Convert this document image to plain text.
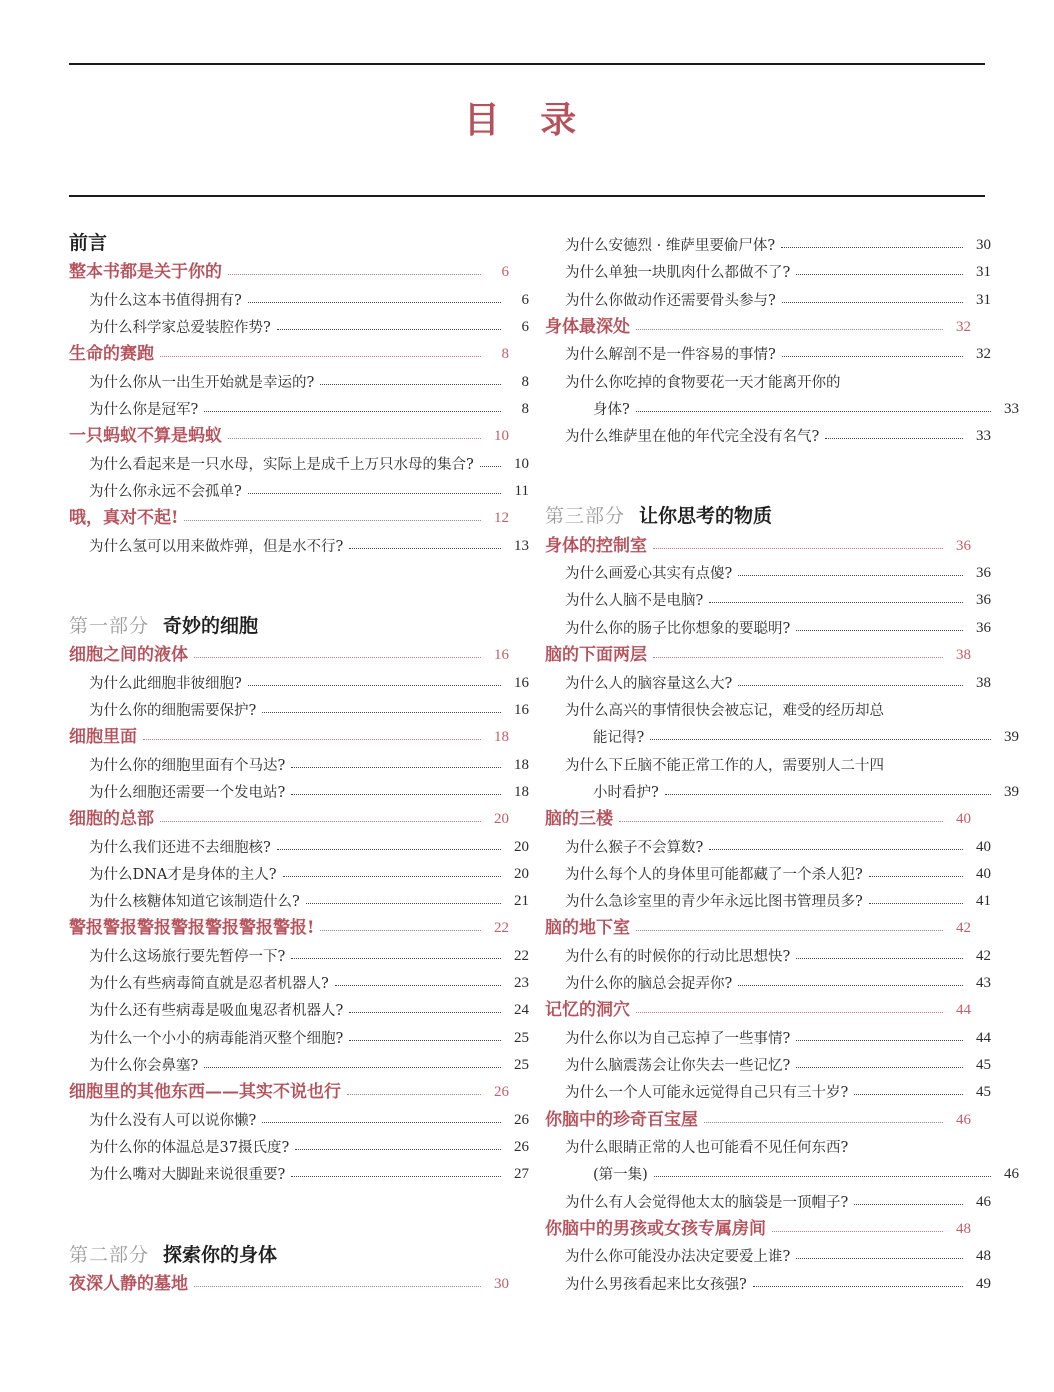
目 录
前言
整本书都是关于你的	6
为什么这本书值得拥有?	6
为什么科学家总爱装腔作势?	6
生命的赛跑	8
为什么你从一出生开始就是幸运的?	8
为什么你是冠军?	8
一只蚂蚁不算是蚂蚁	10
为什么看起来是一只水母，实际上是成千上万只水母的集合?	10
为什么你永远不会孤单?	11
哦，真对不起!	12
为什么氢可以用来做炸弹，但是水不行?	13
第一部分 奇妙的细胞
细胞之间的液体	16
为什么此细胞非彼细胞?	16
为什么你的细胞需要保护?	16
细胞里面	18
为什么你的细胞里面有个马达?	18
为什么细胞还需要一个发电站?	18
细胞的总部	20
为什么我们还进不去细胞核?	20
为什么DNA才是身体的主人?	20
为什么核糖体知道它该制造什么?	21
警报警报警报警报警报警报警报!	22
为什么这场旅行要先暂停一下?	22
为什么有些病毒简直就是忍者机器人?	23
为什么还有些病毒是吸血鬼忍者机器人?	24
为什么一个小小的病毒能消灭整个细胞?	25
为什么你会鼻塞?	25
细胞里的其他东西——其实不说也行	26
为什么没有人可以说你懒?	26
为什么你的体温总是37摄氏度?	26
为什么嘴对大脚趾来说很重要?	27
第二部分 探索你的身体
夜深人静的墓地	30
为什么安德烈 · 维萨里要偷尸体?	30
为什么单独一块肌肉什么都做不了?	31
为什么你做动作还需要骨头参与?	31
身体最深处	32
为什么解剖不是一件容易的事情?	32
为什么你吃掉的食物要花一天才能离开你的
身体?	33
为什么维萨里在他的年代完全没有名气?	33
第三部分 让你思考的物质
身体的控制室	36
为什么画爱心其实有点傻?	36
为什么人脑不是电脑?	36
为什么你的肠子比你想象的要聪明?	36
脑的下面两层	38
为什么人的脑容量这么大?	38
为什么高兴的事情很快会被忘记，难受的经历却总
能记得?	39
为什么下丘脑不能正常工作的人，需要别人二十四
小时看护?	39
脑的三楼	40
为什么猴子不会算数?	40
为什么每个人的身体里可能都藏了一个杀人犯?	40
为什么急诊室里的青少年永远比图书管理员多?	41
脑的地下室	42
为什么有的时候你的行动比思想快?	42
为什么你的脑总会捉弄你?	43
记忆的洞穴	44
为什么你以为自己忘掉了一些事情?	44
为什么脑震荡会让你失去一些记忆?	45
为什么一个人可能永远觉得自己只有三十岁?	45
你脑中的珍奇百宝屋	46
为什么眼睛正常的人也可能看不见任何东西?
(第一集)	46
为什么有人会觉得他太太的脑袋是一顶帽子?	46
你脑中的男孩或女孩专属房间	48
为什么你可能没办法决定要爱上谁?	48
为什么男孩看起来比女孩强?	49
